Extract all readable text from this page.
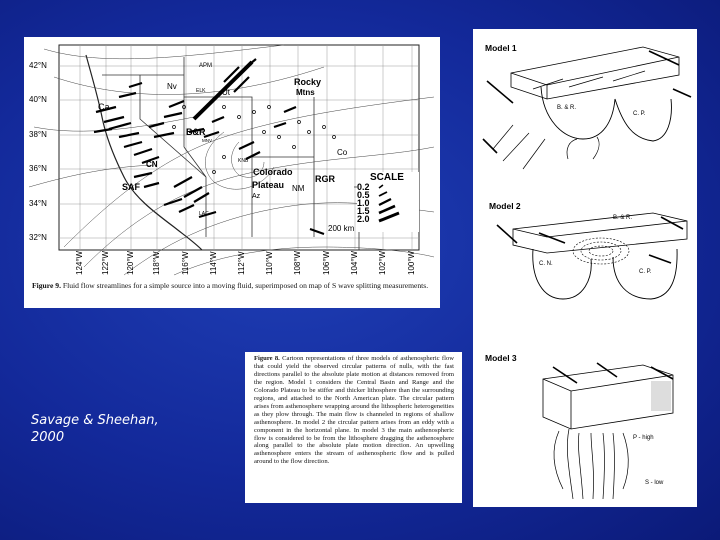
42°N
40°N
38°N
36°N
34°N
32°N
124°W 122°W 120°W 118°W	116°W 114°W 112°W 110°W 108°W	106°W 104°W 102°W	100°W
APM
Nv
Ca
ELK Ut
Rocky
Mtns
B&R
MNV
CN	KNB
Colorado
Plateau
Az
NM
RGR
Co
SAF
LAC
SCALE
0.2
0.5
1.0
1.5
2.0
200 km
Figure 9. Fluid flow streamlines for a simple source into a moving fluid, superimposed on map of S wave splitting measurements.
Model 1
B. & R.
C. P.
Model 2
B. & R.
C. N.
C. P.
Model 3
P - high
S - low
Figure 8. Cartoon representations of three models of asthenospheric flow that could yield the observed circular patterns of nulls, with the fast directions parallel to the absolute plate motion at distances removed from the region. Model 1 considers the Central Basin and Range and the Colorado Plateau to be stiffer and thicker lithosphere than the surrounding regions, and attached to the North American plate. The circular pattern arises from asthenosphere wrapping around the lithospheric heterogeneities as they plow through. The main flow is channeled in regions of shallow asthenosphere. In model 2 the circular pattern arises from an eddy with a component in the horizontal plane. In model 3 the main asthenospheric flow is considered to be from the lithosphere dragging the asthenosphere along parallel to the absolute plate motion direction. An upwelling asthenosphere enters the stream of asthenospheric flow and is pulled around to the flow direction.
Savage & Sheehan,
2000
